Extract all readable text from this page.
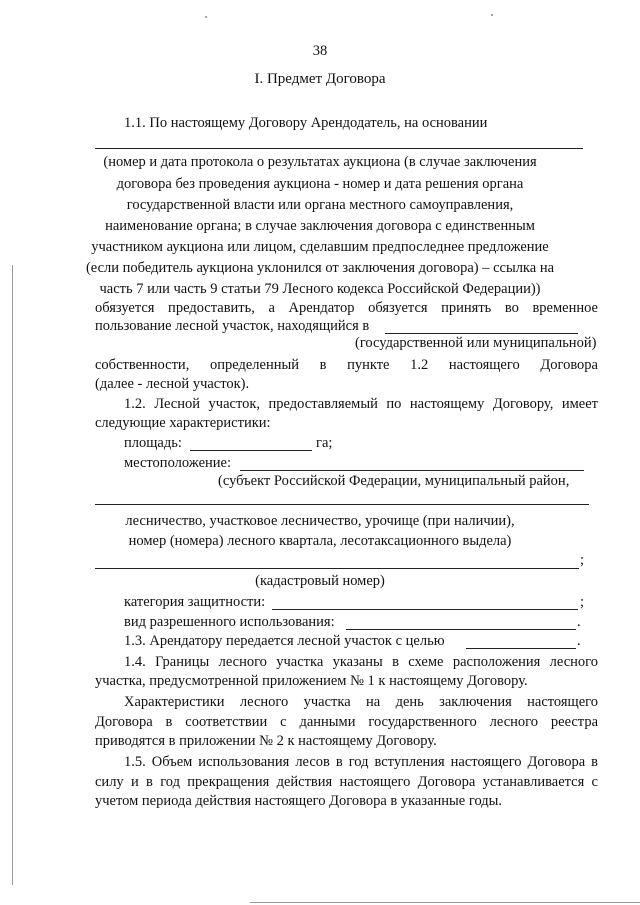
38
I. Предмет Договора
1.1. По настоящему Договору Арендодатель, на основании
(номер и дата протокола о результатах аукциона (в случае заключения
договора без проведения аукциона - номер и дата решения органа
государственной власти или органа местного самоуправления,
наименование органа; в случае заключения договора с единственным
участником аукциона или лицом, сделавшим предпоследнее предложение
(если победитель аукциона уклонился от заключения договора) – ссылка на
часть 7 или часть 9 статьи 79 Лесного кодекса Российской Федерации))
обязуется предоставить, а Арендатор обязуется принять во временное
пользование лесной участок, находящийся в
(государственной или муниципальной)
собственности, определенный в пункте 1.2 настоящего Договора
(далее - лесной участок).
1.2. Лесной участок, предоставляемый по настоящему Договору, имеет
следующие характеристики:
площадь:	га;
местоположение:
(субъект Российской Федерации, муниципальный район,
лесничество, участковое лесничество, урочище (при наличии),
номер (номера) лесного квартала, лесотаксационного выдела)
;
(кадастровый номер)
категория защитности:	;
вид разрешенного использования:	.
1.3. Арендатору передается лесной участок с целью	.
1.4. Границы лесного участка указаны в схеме расположения лесного
участка, предусмотренной приложением № 1 к настоящему Договору.
Характеристики лесного участка на день заключения настоящего
Договора в соответствии с данными государственного лесного реестра
приводятся в приложении № 2 к настоящему Договору.
1.5. Объем использования лесов в год вступления настоящего Договора в
силу и в год прекращения действия настоящего Договора устанавливается с
учетом периода действия настоящего Договора в указанные годы.
